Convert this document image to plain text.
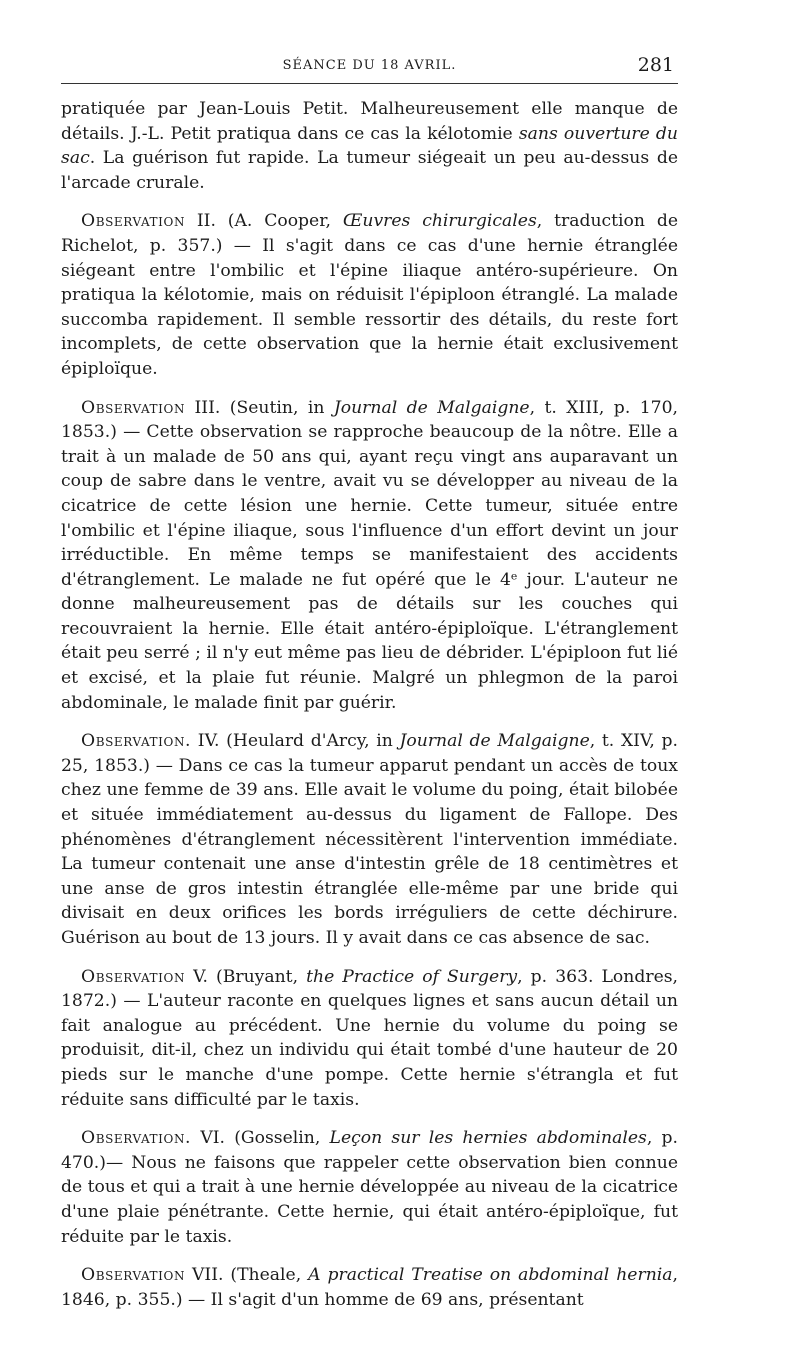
SÉANCE DU 18 AVRIL.	281

pratiquée par Jean-Louis Petit. Malheureusement elle manque de détails. J.-L. Petit pratiqua dans ce cas la kélotomie sans ouverture du sac. La guérison fut rapide. La tumeur siégeait un peu au-dessus de l'arcade crurale.

Observation II. (A. Cooper, Œuvres chirurgicales, traduction de Richelot, p. 357.) — Il s'agit dans ce cas d'une hernie étranglée siégeant entre l'ombilic et l'épine iliaque antéro-supérieure. On pratiqua la kélotomie, mais on réduisit l'épiploon étranglé. La malade succomba rapidement. Il semble ressortir des détails, du reste fort incomplets, de cette observation que la hernie était exclusivement épiploïque.

Observation III. (Seutin, in Journal de Malgaigne, t. XIII, p. 170, 1853.) — Cette observation se rapproche beaucoup de la nôtre. Elle a trait à un malade de 50 ans qui, ayant reçu vingt ans auparavant un coup de sabre dans le ventre, avait vu se développer au niveau de la cicatrice de cette lésion une hernie. Cette tumeur, située entre l'ombilic et l'épine iliaque, sous l'influence d'un effort devint un jour irréductible. En même temps se manifestaient des accidents d'étranglement. Le malade ne fut opéré que le 4ᵉ jour. L'auteur ne donne malheureusement pas de détails sur les couches qui recouvraient la hernie. Elle était antéro-épiploïque. L'étranglement était peu serré ; il n'y eut même pas lieu de débrider. L'épiploon fut lié et excisé, et la plaie fut réunie. Malgré un phlegmon de la paroi abdominale, le malade finit par guérir.

Observation. IV. (Heulard d'Arcy, in Journal de Malgaigne, t. XIV, p. 25, 1853.) — Dans ce cas la tumeur apparut pendant un accès de toux chez une femme de 39 ans. Elle avait le volume du poing, était bilobée et située immédiatement au-dessus du ligament de Fallope. Des phénomènes d'étranglement nécessitèrent l'intervention immédiate. La tumeur contenait une anse d'intestin grêle de 18 centimètres et une anse de gros intestin étranglée elle-même par une bride qui divisait en deux orifices les bords irréguliers de cette déchirure. Guérison au bout de 13 jours. Il y avait dans ce cas absence de sac.

Observation V. (Bruyant, the Practice of Surgery, p. 363. Londres, 1872.) — L'auteur raconte en quelques lignes et sans aucun détail un fait analogue au précédent. Une hernie du volume du poing se produisit, dit-il, chez un individu qui était tombé d'une hauteur de 20 pieds sur le manche d'une pompe. Cette hernie s'étrangla et fut réduite sans difficulté par le taxis.

Observation. VI. (Gosselin, Leçon sur les hernies abdominales, p. 470.)— Nous ne faisons que rappeler cette observation bien connue de tous et qui a trait à une hernie développée au niveau de la cicatrice d'une plaie pénétrante. Cette hernie, qui était antéro-épiploïque, fut réduite par le taxis.

Observation VII. (Theale, A practical Treatise on abdominal hernia, 1846, p. 355.) — Il s'agit d'un homme de 69 ans, présentant
